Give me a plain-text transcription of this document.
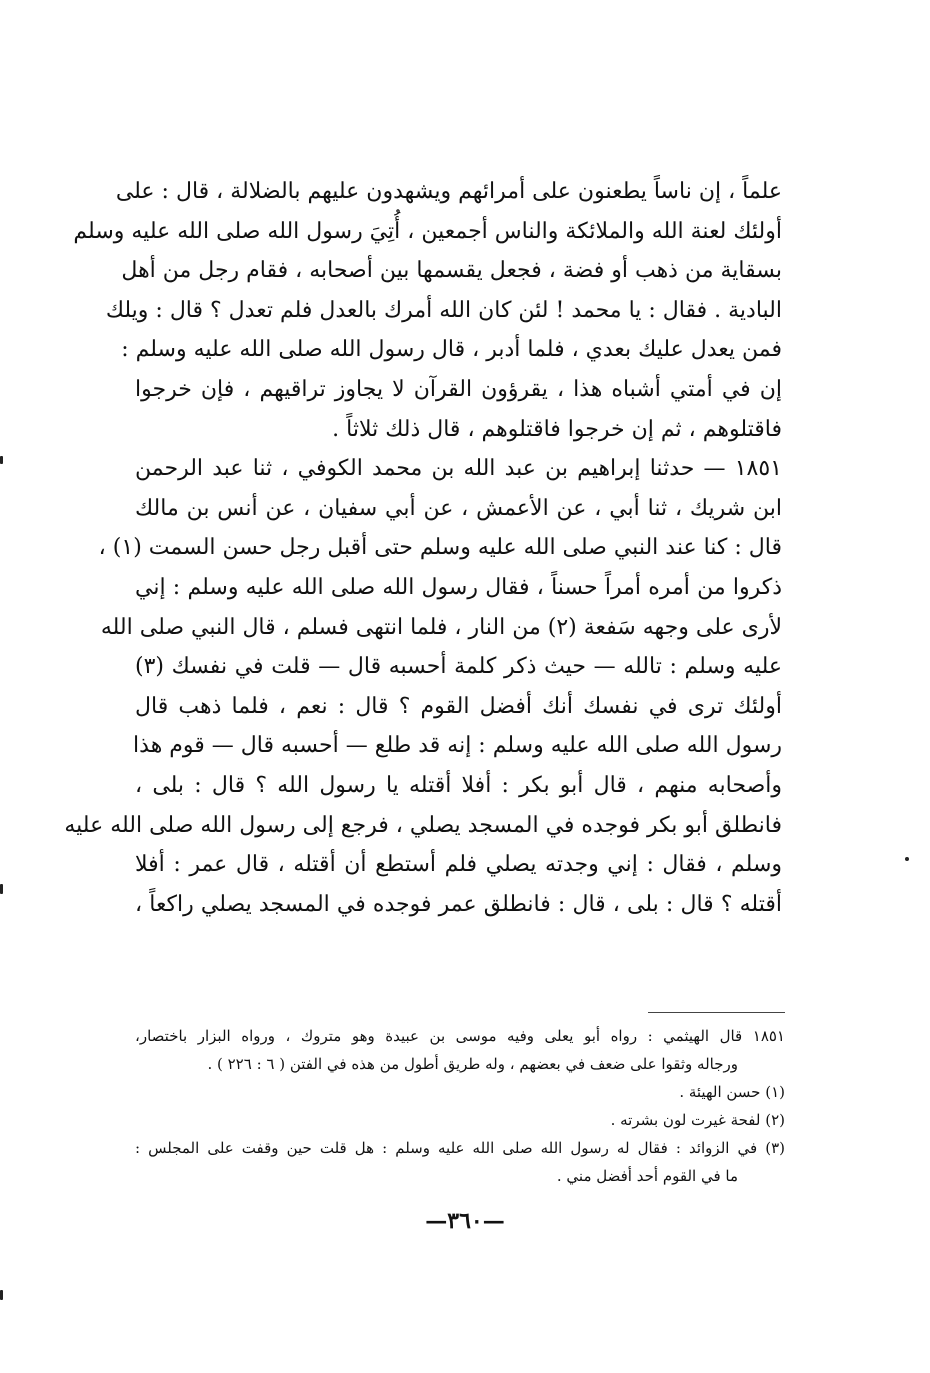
علماً ، إن ناساً يطعنون على أمرائهم ويشهدون عليهم بالضلالة ، قال : على
أولئك لعنة الله والملائكة والناس أجمعين ، أُتِيَ رسول الله صلى الله عليه وسلم
بسقاية من ذهب أو فضة ، فجعل يقسمها بين أصحابه ، فقام رجل من أهل
البادية . فقال : يا محمد ! لئن كان الله أمرك بالعدل فلم تعدل ؟ قال : ويلك
فمن يعدل عليك بعدي ، فلما أدبر ، قال رسول الله صلى الله عليه وسلم :
إن في أمتي أشباه هذا ، يقرؤون القرآن لا يجاوز تراقيهم ، فإن خرجوا
فاقتلوهم ، ثم إن خرجوا فاقتلوهم ، قال ذلك ثلاثاً .
١٨٥١ — حدثنا إبراهيم بن عبد الله بن محمد الكوفي ، ثنا عبد الرحمن
ابن شريك ، ثنا أبي ، عن الأعمش ، عن أبي سفيان ، عن أنس بن مالك
قال : كنا عند النبي صلى الله عليه وسلم حتى أقبل رجل حسن السمت (١) ،
ذكروا من أمره أمراً حسناً ، فقال رسول الله صلى الله عليه وسلم : إني
لأرى على وجهه سَفعة (٢) من النار ، فلما انتهى فسلم ، قال النبي صلى الله
عليه وسلم : تالله — حيث ذكر كلمة أحسبه قال — قلت في نفسك (٣)
أولئك ترى في نفسك أنك أفضل القوم ؟ قال : نعم ، فلما ذهب قال
رسول الله صلى الله عليه وسلم : إنه قد طلع — أحسبه قال — قوم هذا
وأصحابه منهم ، قال أبو بكر : أفلا أقتله يا رسول الله ؟ قال : بلى ،
فانطلق أبو بكر فوجده في المسجد يصلي ، فرجع إلى رسول الله صلى الله عليه
وسلم ، فقال : إني وجدته يصلي فلم أستطع أن أقتله ، قال عمر : أفلا
أقتله ؟ قال : بلى ، قال : فانطلق عمر فوجده في المسجد يصلي راكعاً ،
١٨٥١ قال الهيثمي : رواه أبو يعلى وفيه موسى بن عبيدة وهو متروك ، ورواه البزار باختصار،
ورجاله وثقوا على ضعف في بعضهم ، وله طريق أطول من هذه في الفتن ( ٦ : ٢٢٦ ) .
(١) حسن الهيئة .
(٢) لفحة غيرت لون بشرته .
(٣) في الزوائد : فقال له رسول الله صلى الله عليه وسلم : هل قلت حين وقفت على المجلس :
ما في القوم أحد أفضل مني .
—٣٦٠—
